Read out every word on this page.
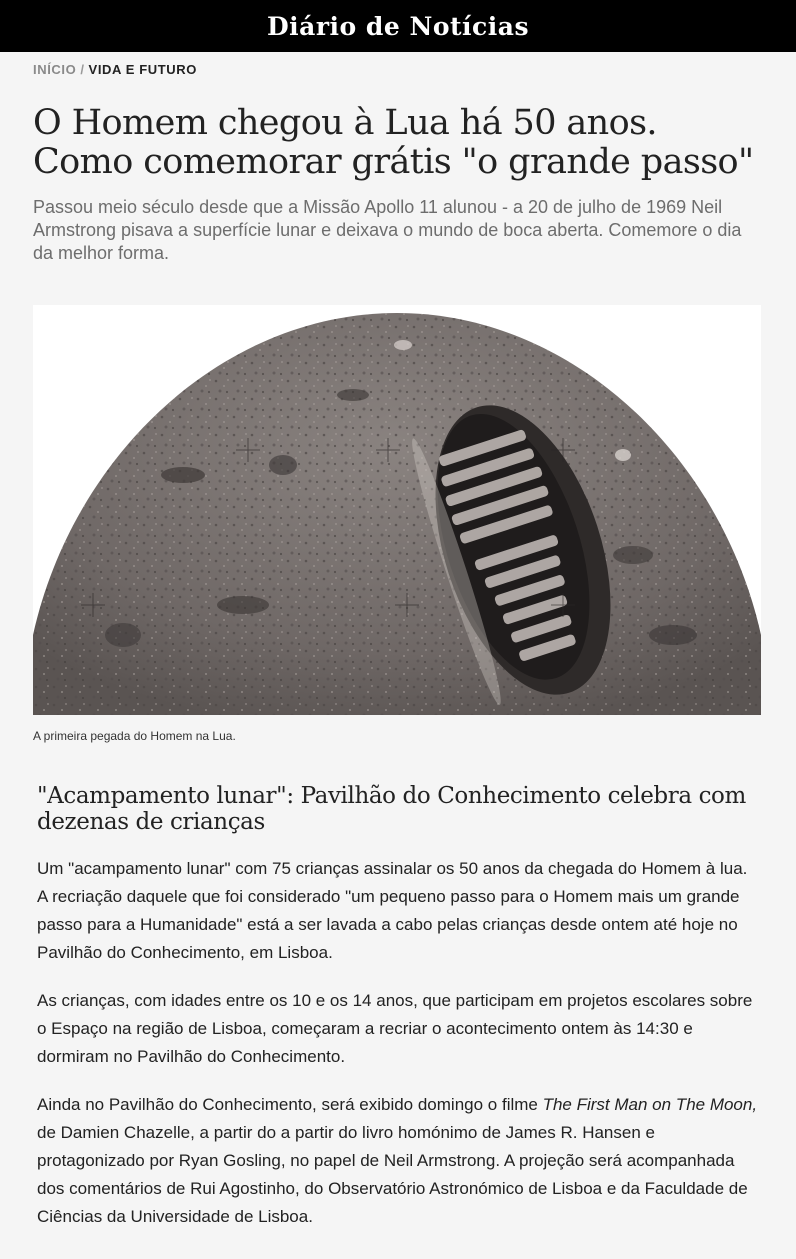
Diário de Notícias
INÍCIO / VIDA E FUTURO
O Homem chegou à Lua há 50 anos. Como comemorar grátis "o grande passo"
Passou meio século desde que a Missão Apollo 11 alunou - a 20 de julho de 1969 Neil Armstrong pisava a superfície lunar e deixava o mundo de boca aberta. Comemore o dia da melhor forma.
A primeira pegada do Homem na Lua.
"Acampamento lunar": Pavilhão do Conhecimento celebra com dezenas de crianças

Um "acampamento lunar" com 75 crianças assinalar os 50 anos da chegada do Homem à lua. A recriação daquele que foi considerado "um pequeno passo para o Homem mais um grande passo para a Humanidade" está a ser lavada a cabo pelas crianças desde ontem até hoje no Pavilhão do Conhecimento, em Lisboa.

As crianças, com idades entre os 10 e os 14 anos, que participam em projetos escolares sobre o Espaço na região de Lisboa, começaram a recriar o acontecimento ontem às 14:30 e dormiram no Pavilhão do Conhecimento.

Ainda no Pavilhão do Conhecimento, será exibido domingo o filme The First Man on The Moon, de Damien Chazelle, a partir do a partir do livro homónimo de James R. Hansen e protagonizado por Ryan Gosling, no papel de Neil Armstrong. A projeção será acompanhada dos comentários de Rui Agostinho, do Observatório Astronómico de Lisboa e da Faculdade de Ciências da Universidade de Lisboa.
